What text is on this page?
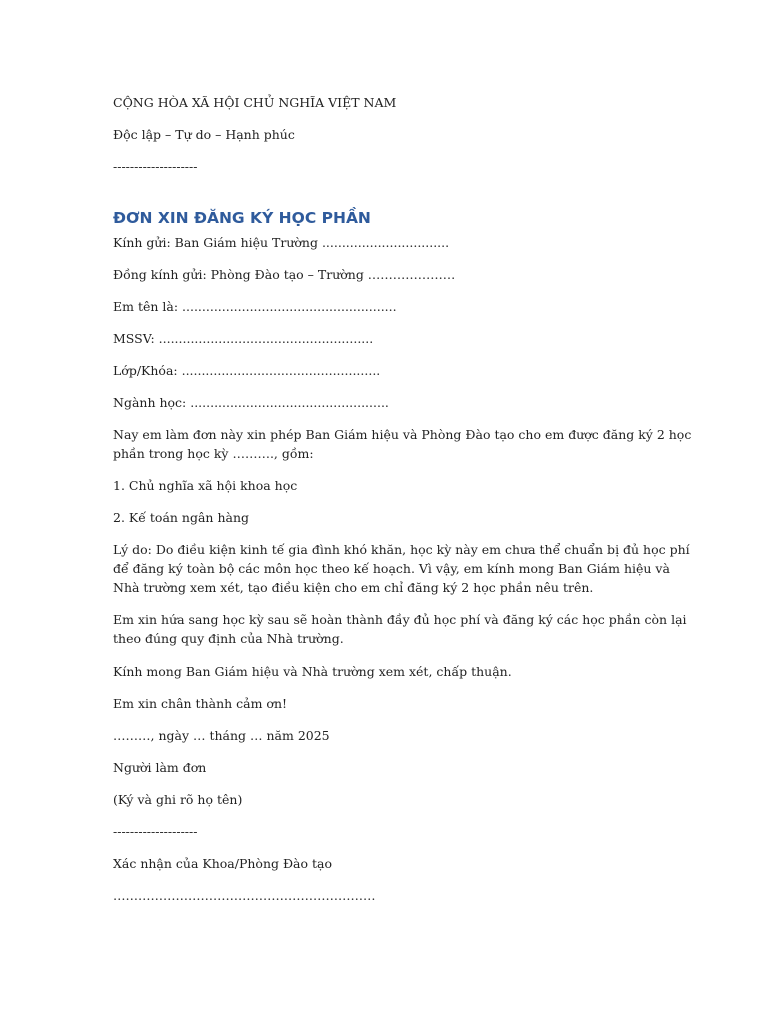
CỘNG HÒA XÃ HỘI CHỦ NGHĨA VIỆT NAM
Độc lập – Tự do – Hạnh phúc
--------------------
ĐƠN XIN ĐĂNG KÝ HỌC PHẦN
Kính gửi: Ban Giám hiệu Trường ................................
Đồng kính gửi: Phòng Đào tạo – Trường …………………
Em tên là: ......................................................
MSSV: ......................................................
Lớp/Khóa: ..................................................
Ngành học: ..................................................
Nay em làm đơn này xin phép Ban Giám hiệu và Phòng Đào tạo cho em được đăng ký 2 học
phần trong học kỳ ………., gồm:
1. Chủ nghĩa xã hội khoa học
2. Kế toán ngân hàng
Lý do: Do điều kiện kinh tế gia đình khó khăn, học kỳ này em chưa thể chuẩn bị đủ học phí
để đăng ký toàn bộ các môn học theo kế hoạch. Vì vậy, em kính mong Ban Giám hiệu và
Nhà trường xem xét, tạo điều kiện cho em chỉ đăng ký 2 học phần nêu trên.
Em xin hứa sang học kỳ sau sẽ hoàn thành đầy đủ học phí và đăng ký các học phần còn lại
theo đúng quy định của Nhà trường.
Kính mong Ban Giám hiệu và Nhà trường xem xét, chấp thuận.
Em xin chân thành cảm ơn!
………, ngày … tháng … năm 2025
Người làm đơn
(Ký và ghi rõ họ tên)
--------------------
Xác nhận của Khoa/Phòng Đào tạo
………………………………………………………
